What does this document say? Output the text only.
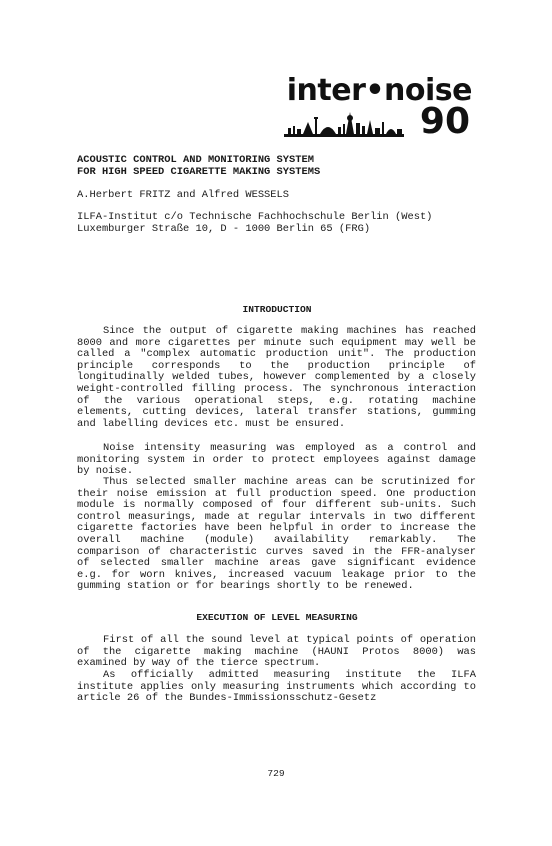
inter•noise
90
ACOUSTIC CONTROL AND MONITORING SYSTEM
FOR HIGH SPEED CIGARETTE MAKING SYSTEMS
A.Herbert FRITZ and Alfred WESSELS
ILFA-Institut c/o Technische Fachhochschule Berlin (West)
Luxemburger Straße 10, D - 1000 Berlin 65 (FRG)
INTRODUCTION

Since the output of cigarette making machines has reached 8000 and more cigarettes per minute such equipment may well be called a "complex automatic production unit". The production principle corresponds to the production principle of longitudinally welded tubes, however complemented by a closely weight-controlled filling process. The synchronous interaction of the various operational steps, e.g. rotating machine elements, cutting devices, lateral transfer stations, gumming and labelling devices etc. must be ensured.

Noise intensity measuring was employed as a control and monitoring system in order to protect employees against damage by noise.

Thus selected smaller machine areas can be scrutinized for their noise emission at full production speed. One production module is normally composed of four different sub-units. Such control measurings, made at regular intervals in two different cigarette factories have been helpful in order to increase the overall machine (module) availability remarkably. The comparison of characteristic curves saved in the FFR-analyser of selected smaller machine areas gave significant evidence e.g. for worn knives, increased vacuum leakage prior to the gumming station or for bearings shortly to be renewed.

EXECUTION OF LEVEL MEASURING

First of all the sound level at typical points of operation of the cigarette making machine (HAUNI Protos 8000) was examined by way of the tierce spectrum.

As officially admitted measuring institute the ILFA institute applies only measuring instruments which according to article 26 of the Bundes-Immissionsschutz-Gesetz

729
